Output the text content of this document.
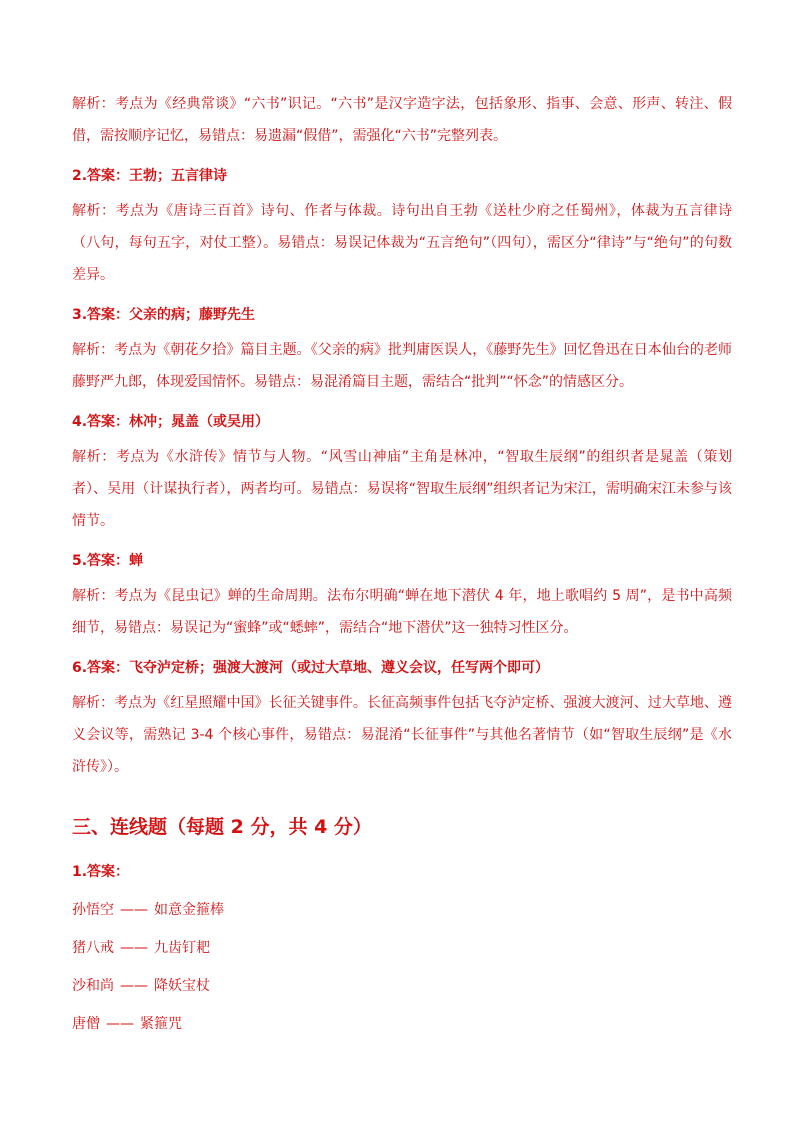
解析：考点为《经典常谈》“六书”识记。“六书”是汉字造字法，包括象形、指事、会意、形声、转注、假借，需按顺序记忆，易错点：易遗漏“假借”，需强化“六书”完整列表。

2.答案：王勃；五言律诗

解析：考点为《唐诗三百首》诗句、作者与体裁。诗句出自王勃《送杜少府之任蜀州》，体裁为五言律诗（八句，每句五字，对仗工整）。易错点：易误记体裁为“五言绝句”（四句），需区分“律诗”与“绝句”的句数差异。

3.答案：父亲的病；藤野先生

解析：考点为《朝花夕拾》篇目主题。《父亲的病》批判庸医误人，《藤野先生》回忆鲁迅在日本仙台的老师藤野严九郎，体现爱国情怀。易错点：易混淆篇目主题，需结合“批判”“怀念”的情感区分。

4.答案：林冲；晁盖（或吴用）

解析：考点为《水浒传》情节与人物。“风雪山神庙”主角是林冲，“智取生辰纲”的组织者是晁盖（策划者）、吴用（计谋执行者），两者均可。易错点：易误将“智取生辰纲”组织者记为宋江，需明确宋江未参与该情节。

5.答案：蝉

解析：考点为《昆虫记》蝉的生命周期。法布尔明确“蝉在地下潜伏 4 年，地上歌唱约 5 周”，是书中高频细节，易错点：易误记为“蜜蜂”或“蟋蟀”，需结合“地下潜伏”这一独特习性区分。

6.答案：飞夺泸定桥；强渡大渡河（或过大草地、遵义会议，任写两个即可）

解析：考点为《红星照耀中国》长征关键事件。长征高频事件包括飞夺泸定桥、强渡大渡河、过大草地、遵义会议等，需熟记 3-4 个核心事件，易错点：易混淆“长征事件”与其他名著情节（如“智取生辰纲”是《水浒传》）。

三、连线题（每题 2 分，共 4 分）

1.答案：

孙悟空 —— 如意金箍棒

猪八戒 —— 九齿钉耙

沙和尚 —— 降妖宝杖

唐僧 —— 紧箍咒
